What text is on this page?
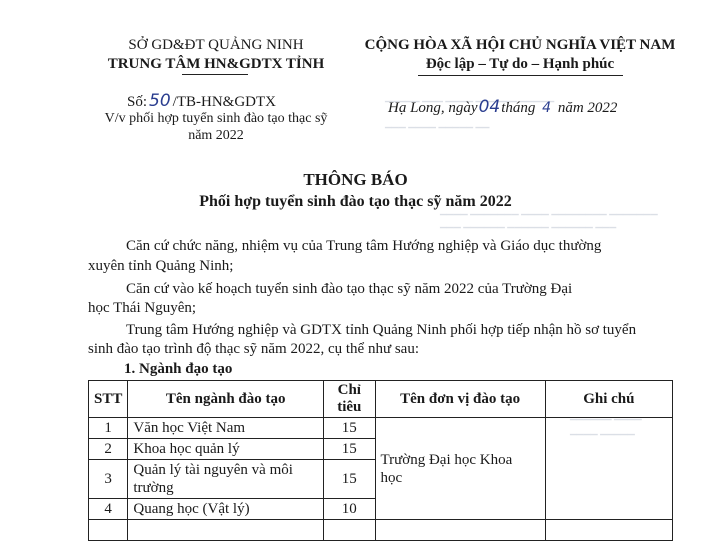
▁▁▁▁▁ ▁▁▁ ▁▁▁▁ ▁▁▁▁▁▁ ▁▁▁▁▁
▁▁▁ ▁▁▁▁ ▁▁▁▁▁ ▁▁
▁▁▁▁ ▁▁▁▁▁▁▁ ▁▁▁▁ ▁▁▁▁▁▁▁▁ ▁▁▁▁▁▁▁
▁▁▁ ▁▁▁▁▁▁ ▁▁▁▁▁▁ ▁▁▁▁▁▁ ▁▁▁
▁▁▁▁▁▁ ▁▁▁▁
▁▁▁▁ ▁▁▁▁▁
SỞ GD&ĐT QUẢNG NINH
TRUNG TÂM HN&GDTX TỈNH
CỘNG HÒA XÃ HỘI CHỦ NGHĨA VIỆT NAM
Độc lập – Tự do – Hạnh phúc
Số: 50 /TB-HN&GDTX
V/v phối hợp tuyển sinh đào tạo thạc sỹ
năm 2022
Hạ Long, ngày04tháng 4 năm 2022
THÔNG BÁO
Phối hợp tuyển sinh đào tạo thạc sỹ năm 2022
Căn cứ chức năng, nhiệm vụ của Trung tâm Hướng nghiệp và Giáo dục thường
xuyên tỉnh Quảng Ninh;
Căn cứ vào kế hoạch tuyển sinh đào tạo thạc sỹ năm 2022 của Trường Đại
học Thái Nguyên;
Trung tâm Hướng nghiệp và GDTX tỉnh Quảng Ninh phối hợp tiếp nhận hồ sơ tuyển
sinh đào tạo trình độ thạc sỹ năm 2022, cụ thể như sau:
1. Ngành đạo tạo
STT	Tên ngành đào tạo	Chỉ
tiêu	Tên đơn vị đào tạo	Ghi chú
1	Văn học Việt Nam	15	Trường Đại học Khoa
học	
2	Khoa học quản lý	15		
3	Quản lý tài nguyên và môi trường	15		
4	Quang học (Vật lý)	10		
